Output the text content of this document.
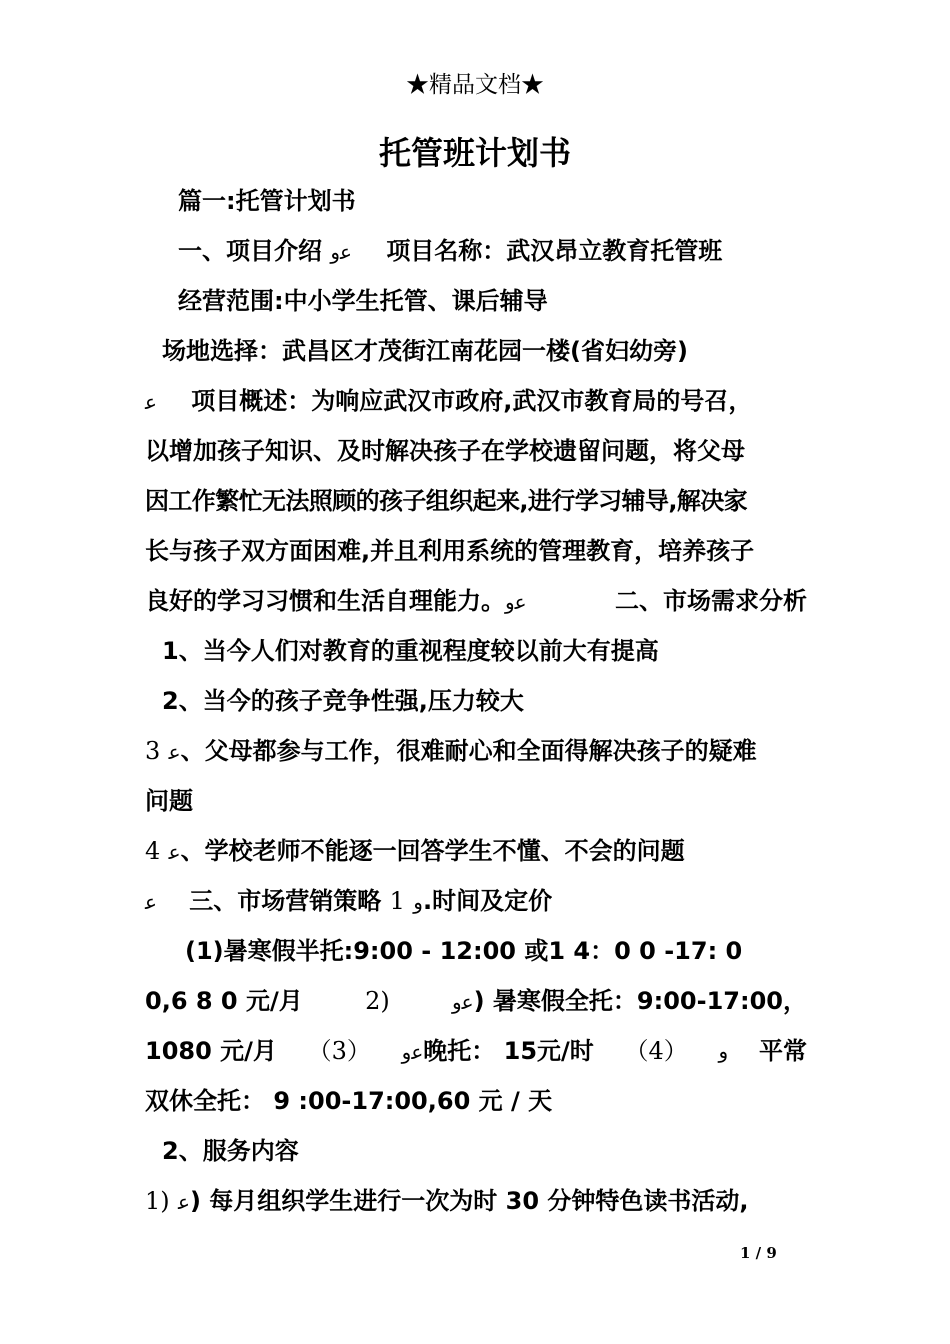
★精品文档★
托管班计划书
篇一:托管计划书
一、项目介绍 ﻋﻭ 项目名称：武汉昂立教育托管班
经营范围:中小学生托管、课后辅导
场地选择：武昌区才茂街江南花园一楼(省妇幼旁)
ﻋ 项目概述：为响应武汉市政府,武汉市教育局的号召，
以增加孩子知识、及时解决孩子在学校遗留问题，将父母
因工作繁忙无法照顾的孩子组织起来,进行学习辅导,解决家
长与孩子双方面困难,并且利用系统的管理教育，培养孩子
良好的学习习惯和生活自理能力。ﻋﻭ	二、市场需求分析
1、当今人们对教育的重视程度较以前大有提高
2、当今的孩子竞争性强,压力较大
3 ﻋ、父母都参与工作，很难耐心和全面得解决孩子的疑难
问题
4 ﻋ、学校老师不能逐一回答学生不懂、不会的问题
ﻋ 三、市场营销策略 1 ﻭ.时间及定价
(1)暑寒假半托:9:00 - 12:00 或1 4：0 0 -17: 0
0,6 8 0 元/月	2)	ﻋﻭ) 暑寒假全托：9:00-17:00，
1080 元/月 （3） ﻋﻭ晚托： 15元/时 （4） ﻭ 平常
双休全托： 9 :00-17:00,60 元 / 天
2、服务内容
1) ﻋ) 每月组织学生进行一次为时 30 分钟特色读书活动,
1 / 9
